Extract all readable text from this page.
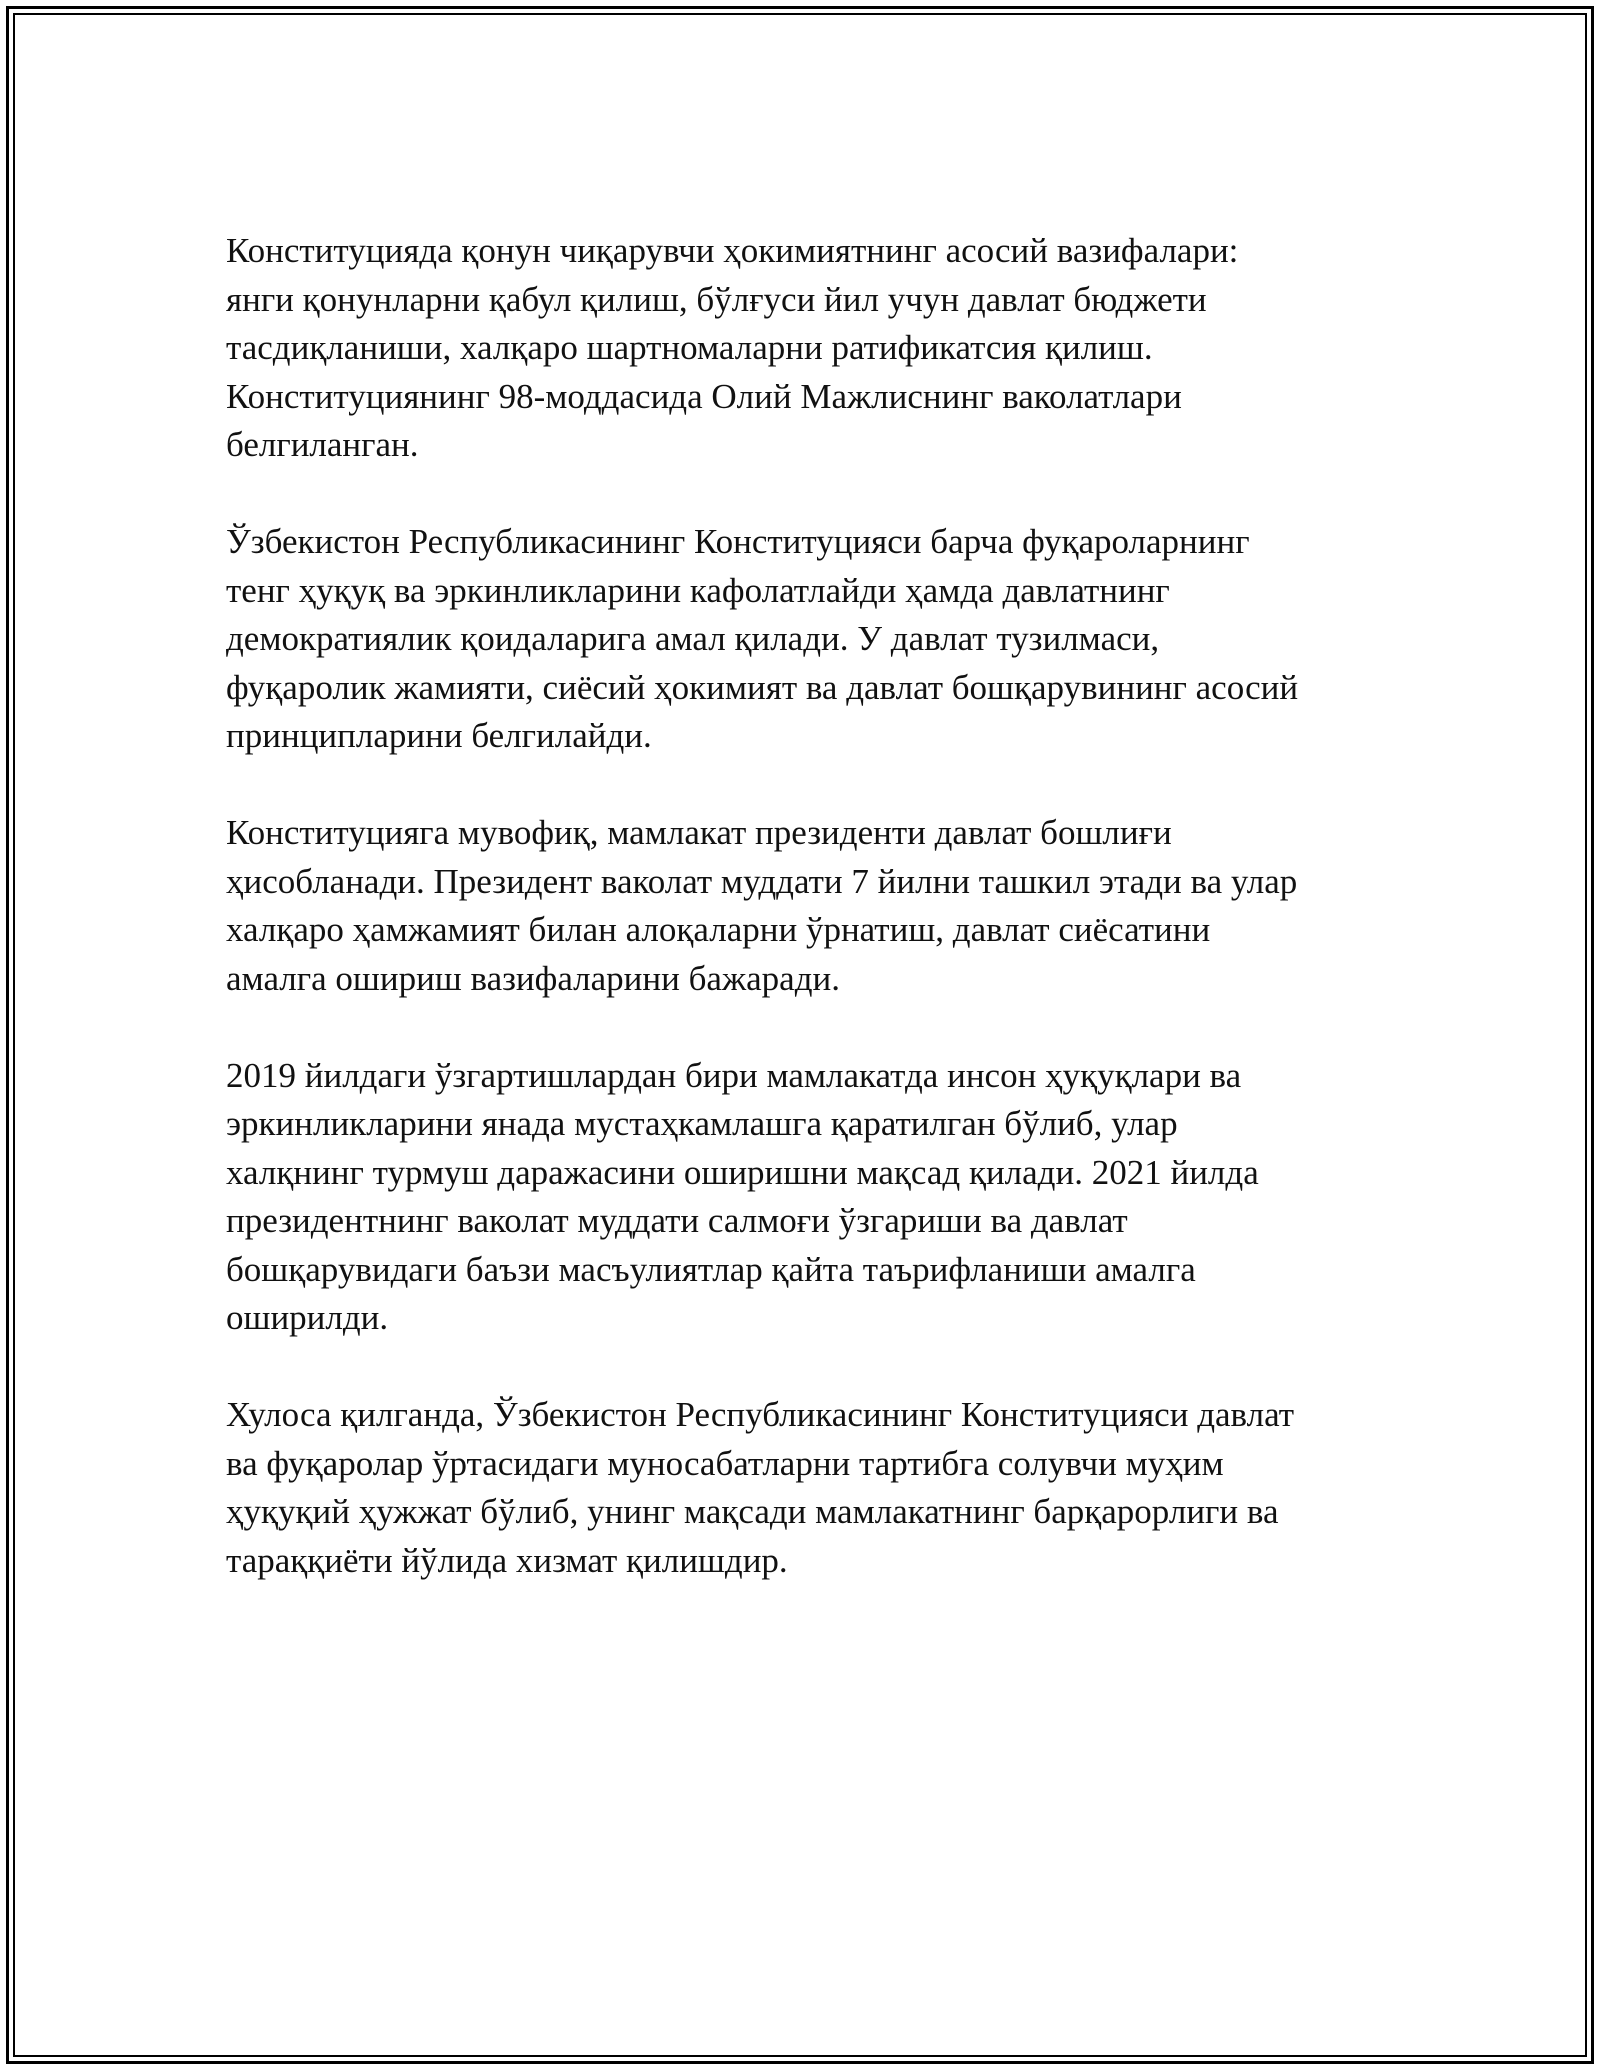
Конституцияда қонун чиқарувчи ҳокимиятнинг асосий вазифалари:
янги қонунларни қабул қилиш, бўлғуси йил учун давлат бюджети
тасдиқланиши, халқаро шартномаларни ратификатсия қилиш.
Конституциянинг 98-моддасида Олий Мажлиснинг ваколатлари
белгиланган.

Ўзбекистон Республикасининг Конституцияси барча фуқароларнинг
тенг ҳуқуқ ва эркинликларини кафолатлайди ҳамда давлатнинг
демократиялик қоидаларига амал қилади. У давлат тузилмаси,
фуқаролик жамияти, сиёсий ҳокимият ва давлат бошқарувининг асосий
принципларини белгилайди.

Конституцияга мувофиқ, мамлакат президенти давлат бошлиғи
ҳисобланади. Президент ваколат муддати 7 йилни ташкил этади ва улар
халқаро ҳамжамият билан алоқаларни ўрнатиш, давлат сиёсатини
амалга ошириш вазифаларини бажаради.

2019 йилдаги ўзгартишлардан бири мамлакатда инсон ҳуқуқлари ва
эркинликларини янада мустаҳкамлашга қаратилган бўлиб, улар
халқнинг турмуш даражасини оширишни мақсад қилади. 2021 йилда
президентнинг ваколат муддати салмоғи ўзгариши ва давлат
бошқарувидаги баъзи масъулиятлар қайта таърифланиши амалга
оширилди.

Хулоса қилганда, Ўзбекистон Республикасининг Конституцияси давлат
ва фуқаролар ўртасидаги муносабатларни тартибга солувчи муҳим
ҳуқуқий ҳужжат бўлиб, унинг мақсади мамлакатнинг барқарорлиги ва
тараққиёти йўлида хизмат қилишдир.
